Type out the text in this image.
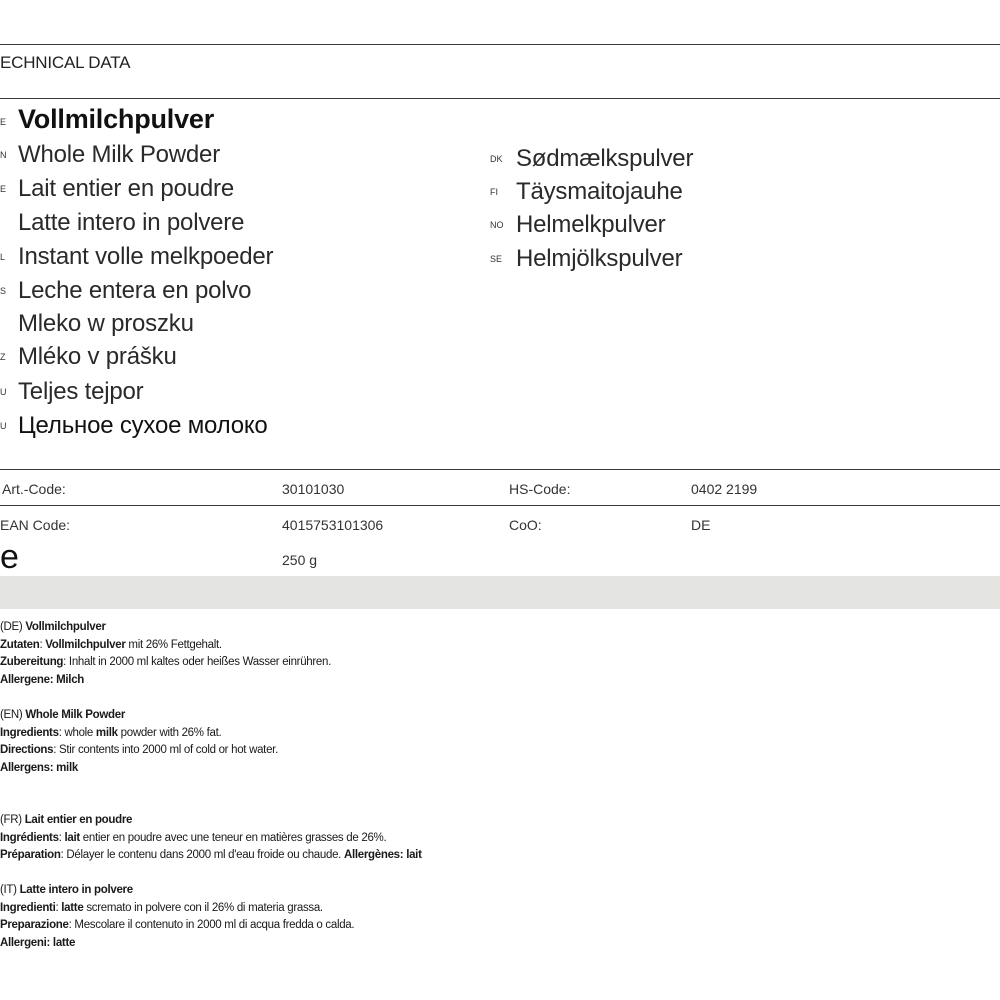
ECHNICAL DATA
E Vollmilchpulver
N Whole Milk Powder
E Lait entier en poudre
Latte intero in polvere
L Instant volle melkpoeder
S Leche entera en polvo
Mleko w proszku
Z Mléko v prášku
U Teljes tejpor
U Цельное сухое молоко
DK Sødmælkspulver
FI Täysmaitojauhe
NO Helmelkpulver
SE Helmjölkspulver
Art.-Code:	30101030	HS-Code:	0402 2199
EAN Code:	4015753101306	CoO:	DE
e	250 g
(DE) Vollmilchpulver
Zutaten: Vollmilchpulver mit 26% Fettgehalt.
Zubereitung: Inhalt in 2000 ml kaltes oder heißes Wasser einrühren.
Allergene: Milch
(EN) Whole Milk Powder
Ingredients: whole milk powder with 26% fat.
Directions: Stir contents into 2000 ml of cold or hot water.
Allergens: milk
(FR) Lait entier en poudre
Ingrédients: lait entier en poudre avec une teneur en matières grasses de 26%.
Préparation: Délayer le contenu dans 2000 ml d'eau froide ou chaude. Allergènes: lait
(IT) Latte intero in polvere
Ingredienti: latte scremato in polvere con il 26% di materia grassa.
Preparazione: Mescolare il contenuto in 2000 ml di acqua fredda o calda.
Allergeni: latte
